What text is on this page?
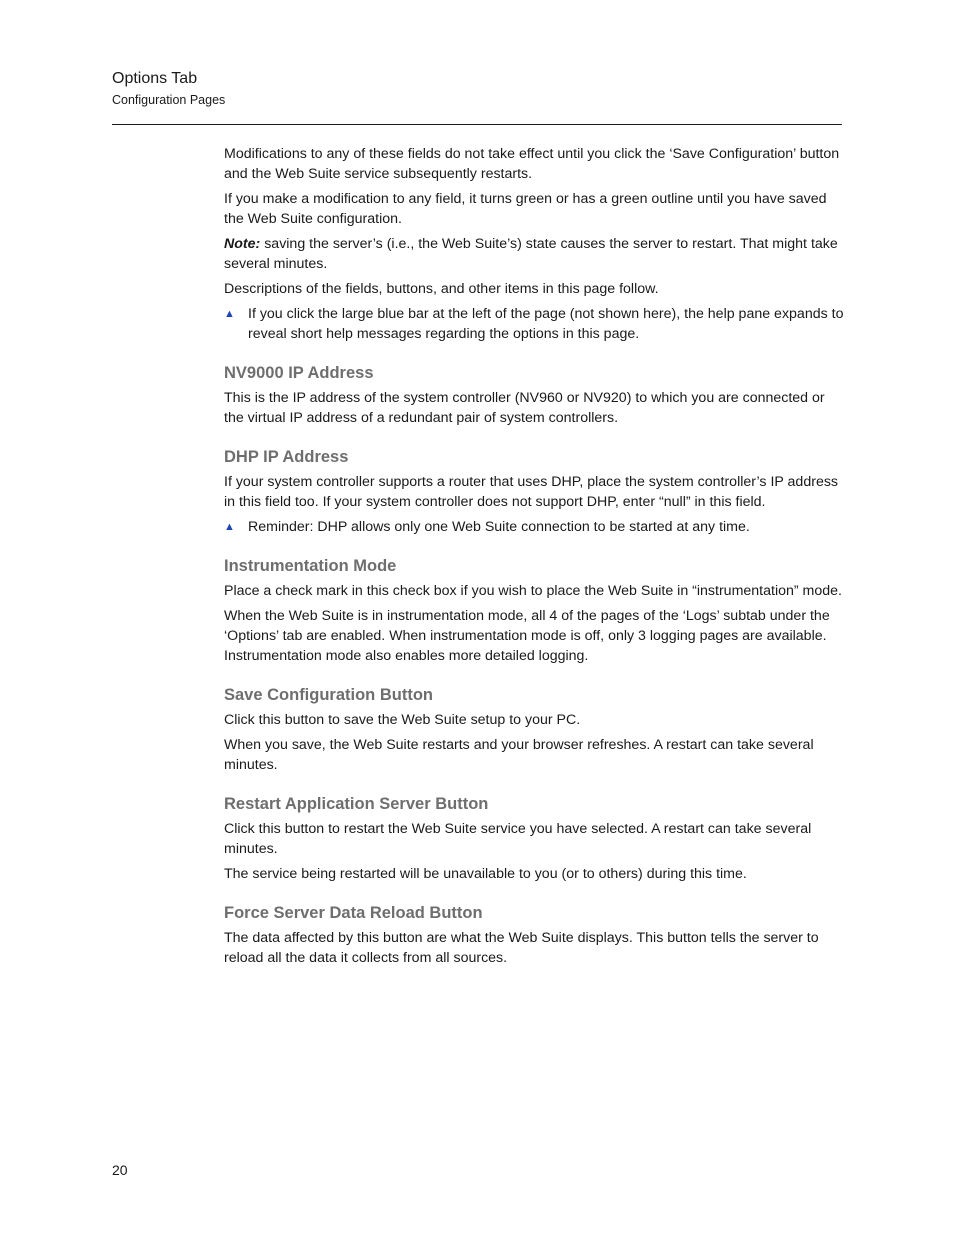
Options Tab
Configuration Pages

Modifications to any of these fields do not take effect until you click the ‘Save Configuration’ button and the Web Suite service subsequently restarts.

If you make a modification to any field, it turns green or has a green outline until you have saved the Web Suite configuration.

Note: saving the server’s (i.e., the Web Suite’s) state causes the server to restart. That might take several minutes.

Descriptions of the fields, buttons, and other items in this page follow.

▲ If you click the large blue bar at the left of the page (not shown here), the help pane expands to reveal short help messages regarding the options in this page.
NV9000 IP Address

This is the IP address of the system controller (NV960 or NV920) to which you are connected or the virtual IP address of a redundant pair of system controllers.

DHP IP Address

If your system controller supports a router that uses DHP, place the system controller’s IP address in this field too. If your system controller does not support DHP, enter “null” in this field.

▲ Reminder: DHP allows only one Web Suite connection to be started at any time.
Instrumentation Mode

Place a check mark in this check box if you wish to place the Web Suite in “instrumentation” mode.

When the Web Suite is in instrumentation mode, all 4 of the pages of the ‘Logs’ subtab under the ‘Options’ tab are enabled. When instrumentation mode is off, only 3 logging pages are available. Instrumentation mode also enables more detailed logging.

Save Configuration Button

Click this button to save the Web Suite setup to your PC.

When you save, the Web Suite restarts and your browser refreshes. A restart can take several minutes.

Restart Application Server Button

Click this button to restart the Web Suite service you have selected. A restart can take several minutes.

The service being restarted will be unavailable to you (or to others) during this time.

Force Server Data Reload Button

The data affected by this button are what the Web Suite displays. This button tells the server to reload all the data it collects from all sources.

20
